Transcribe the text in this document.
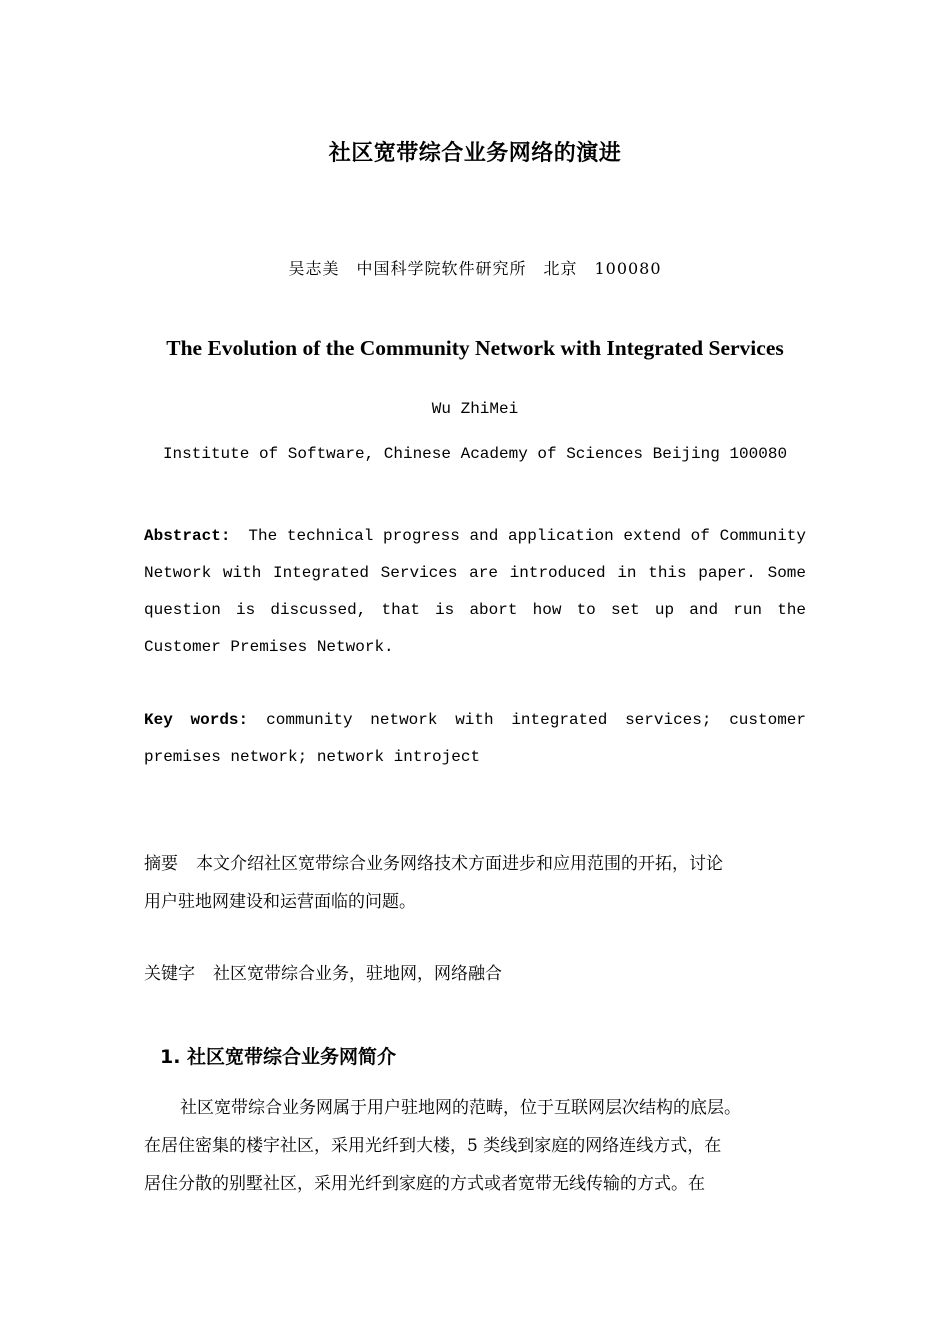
社区宽带综合业务网络的演进
吴志美　中国科学院软件研究所　北京　100080
The Evolution of the Community Network with Integrated Services
Wu ZhiMei
Institute of Software, Chinese Academy of Sciences Beijing 100080
Abstract: The technical progress and application extend of Community
Network with Integrated Services are introduced in this paper. Some
question is discussed, that is abort how to set up and run the
Customer Premises Network.
Key words: community network with integrated services; customer
premises network; network introject
摘要 本文介绍社区宽带综合业务网络技术方面进步和应用范围的开拓，讨论
用户驻地网建设和运营面临的问题。
关键字 社区宽带综合业务，驻地网，网络融合
1. 社区宽带综合业务网简介
社区宽带综合业务网属于用户驻地网的范畴，位于互联网层次结构的底层。
在居住密集的楼宇社区，采用光纤到大楼，5 类线到家庭的网络连线方式，在
居住分散的别墅社区，采用光纤到家庭的方式或者宽带无线传输的方式。在
